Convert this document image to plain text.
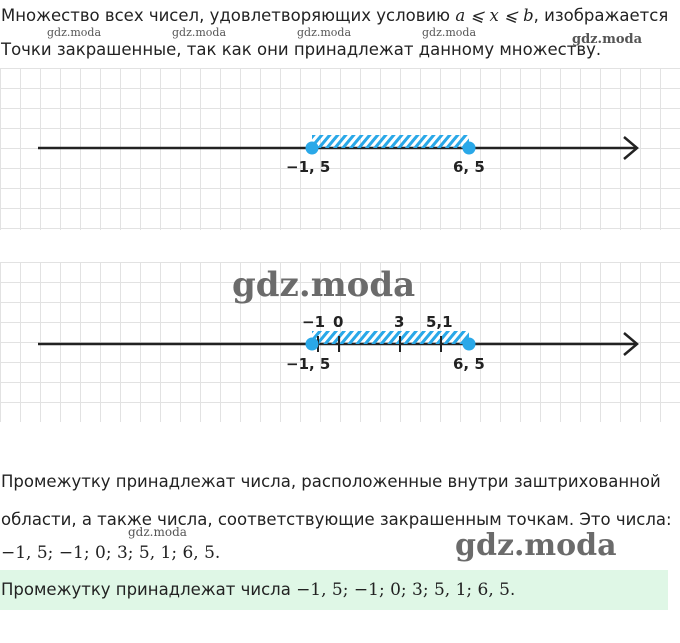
Множество всех чисел, удовлетворяющих условию a ⩽ x ⩽ b, изображается
Точки закрашенные, так как они принадлежат данному множеству.
gdz.moda	gdz.moda	gdz.moda	gdz.moda	gdz.moda
−1, 5	6, 5
gdz.moda
−1 0	3 5,1
−1, 5	6, 5
Промежутку принадлежат числа, расположенные внутри заштрихованной
области, а также числа, соответствующие закрашенным точкам. Это числа:
gdz.moda
−1, 5; −1; 0; 3; 5, 1; 6, 5.	gdz.moda
Промежутку принадлежат числа −1, 5; −1; 0; 3; 5, 1; 6, 5.
